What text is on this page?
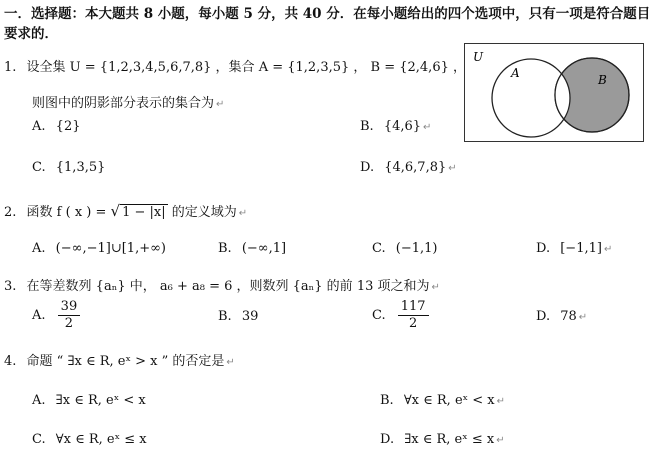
一．选择题：本大题共 8 小题，每小题 5 分，共 40 分．在每小题给出的四个选项中，只有一项是符合题目要求的．
U
A	B
1. 设全集 U = {1,2,3,4,5,6,7,8} ，集合 A = {1,2,3,5} ， B = {2,4,6} ，
则图中的阴影部分表示的集合为 ↵
A. {2}	B. {4,6} ↵
C. {1,3,5}	D. {4,6,7,8} ↵
2. 函数 f ( x ) = √ 1 − |x| 的定义域为 ↵
A. (−∞,−1]∪[1,+∞)	B. (−∞,1]	C. (−1,1)	D. [−1,1] ↵
3. 在等差数列 {aₙ} 中， a₆ + a₈ = 6 ，则数列 {aₙ} 的前 13 项之和为 ↵
A. $\frac{39}{2}$	B. 39	C. $\frac{117}{2}$	D. 78 ↵
4. 命题 “ ∃x ∈ R, eˣ > x ” 的否定是 ↵
A. ∃x ∈ R, eˣ < x	B. ∀x ∈ R, eˣ < x ↵
C. ∀x ∈ R, eˣ ≤ x	D. ∃x ∈ R, eˣ ≤ x ↵
